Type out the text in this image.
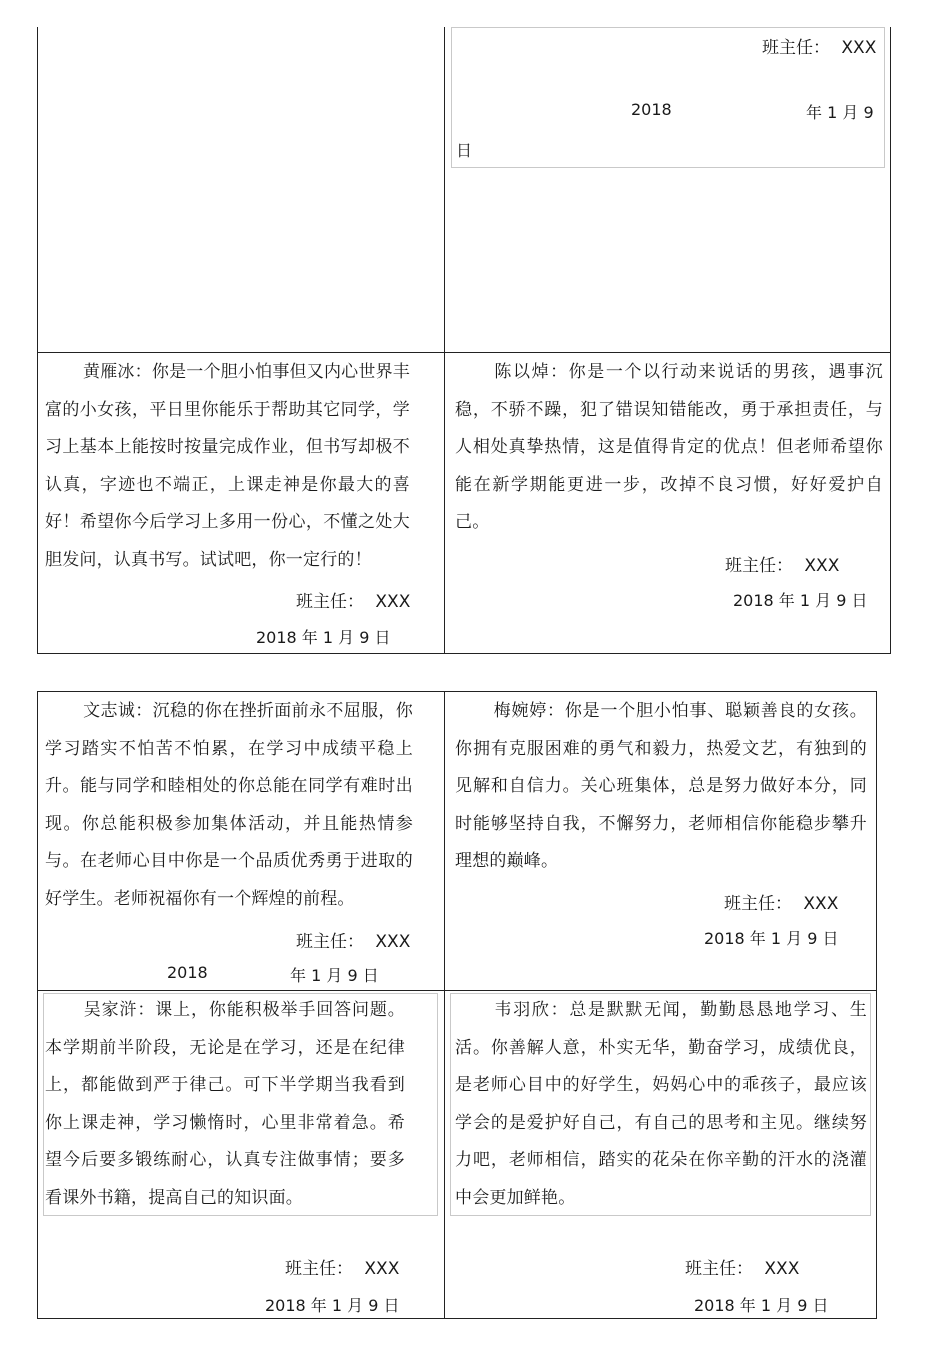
班主任： XXX
2018	年 1 月 9
日
黄雁冰：你是一个胆小怕事但又内心世界丰富的小女孩，平日里你能乐于帮助其它同学，学习上基本上能按时按量完成作业，但书写却极不认真，字迹也不端正，上课走神是你最大的喜好！希望你今后学习上多用一份心，不懂之处大胆发问，认真书写。试试吧，你一定行的！
班主任： XXX
2018 年 1 月 9 日
陈以焯：你是一个以行动来说话的男孩，遇事沉稳，不骄不躁，犯了错误知错能改，勇于承担责任，与人相处真挚热情，这是值得肯定的优点！但老师希望你能在新学期能更进一步，改掉不良习惯，好好爱护自己。
班主任： XXX
2018 年 1 月 9 日
文志诚：沉稳的你在挫折面前永不屈服，你学习踏实不怕苦不怕累，在学习中成绩平稳上升。能与同学和睦相处的你总能在同学有难时出现。你总能积极参加集体活动，并且能热情参与。在老师心目中你是一个品质优秀勇于进取的好学生。老师祝福你有一个辉煌的前程。
班主任： XXX
2018	年 1 月 9 日
梅婉婷：你是一个胆小怕事、聪颖善良的女孩。你拥有克服困难的勇气和毅力，热爱文艺，有独到的见解和自信力。关心班集体，总是努力做好本分，同时能够坚持自我，不懈努力，老师相信你能稳步攀升理想的巅峰。
班主任： XXX
2018 年 1 月 9 日
吴家浒：课上，你能积极举手回答问题。本学期前半阶段，无论是在学习，还是在纪律上，都能做到严于律己。可下半学期当我看到你上课走神，学习懒惰时，心里非常着急。希望今后要多锻练耐心，认真专注做事情；要多看课外书籍，提高自己的知识面。
班主任： XXX
2018 年 1 月 9 日
韦羽欣：总是默默无闻，勤勤恳恳地学习、生活。你善解人意，朴实无华，勤奋学习，成绩优良，是老师心目中的好学生，妈妈心中的乖孩子，最应该学会的是爱护好自己，有自己的思考和主见。继续努力吧，老师相信，踏实的花朵在你辛勤的汗水的浇灌中会更加鲜艳。
班主任： XXX
2018 年 1 月 9 日
